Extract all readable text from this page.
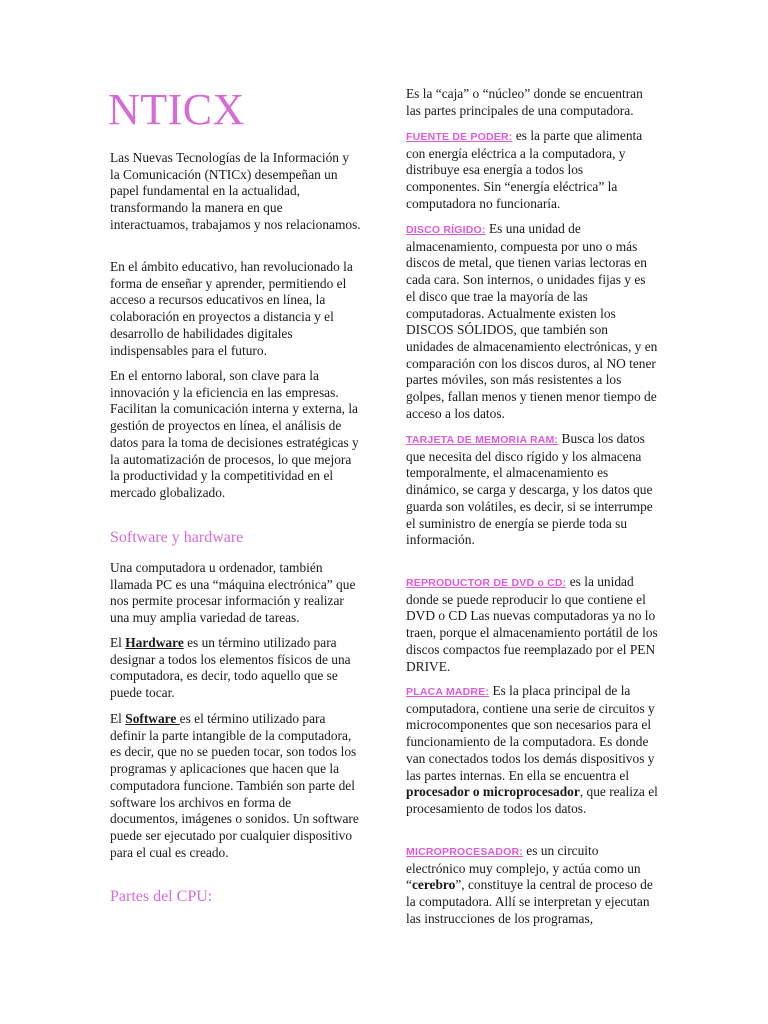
NTICX

Las Nuevas Tecnologías de la Información y la Comunicación (NTICx) desempeñan un papel fundamental en la actualidad, transformando la manera en que interactuamos, trabajamos y nos relacionamos.

En el ámbito educativo, han revolucionado la forma de enseñar y aprender, permitiendo el acceso a recursos educativos en línea, la colaboración en proyectos a distancia y el desarrollo de habilidades digitales indispensables para el futuro.

En el entorno laboral, son clave para la innovación y la eficiencia en las empresas. Facilitan la comunicación interna y externa, la gestión de proyectos en línea, el análisis de datos para la toma de decisiones estratégicas y la automatización de procesos, lo que mejora la productividad y la competitividad en el mercado globalizado.

Software y hardware

Una computadora u ordenador, también llamada PC es una “máquina electrónica” que nos permite procesar información y realizar una muy amplia variedad de tareas.

El Hardware es un término utilizado para designar a todos los elementos físicos de una computadora, es decir, todo aquello que se puede tocar.

El Software es el término utilizado para definir la parte intangible de la computadora, es decir, que no se pueden tocar, son todos los programas y aplicaciones que hacen que la computadora funcione. También son parte del software los archivos en forma de documentos, imágenes o sonidos. Un software puede ser ejecutado por cualquier dispositivo para el cual es creado.

Partes del CPU:

Es la “caja” o “núcleo” donde se encuentran las partes principales de una computadora.

FUENTE DE PODER: es la parte que alimenta con energía eléctrica a la computadora, y distribuye esa energía a todos los componentes. Sin “energía eléctrica” la computadora no funcionaría.

DISCO RÍGIDO: Es una unidad de almacenamiento, compuesta por uno o más discos de metal, que tienen varias lectoras en cada cara. Son internos, o unidades fijas y es el disco que trae la mayoría de las computadoras. Actualmente existen los DISCOS SÓLIDOS, que también son unidades de almacenamiento electrónicas, y en comparación con los discos duros, al NO tener partes móviles, son más resistentes a los golpes, fallan menos y tienen menor tiempo de acceso a los datos.

TARJETA DE MEMORIA RAM: Busca los datos que necesita del disco rígido y los almacena temporalmente, el almacenamiento es dinámico, se carga y descarga, y los datos que guarda son volátiles, es decir, si se interrumpe el suministro de energía se pierde toda su información.

REPRODUCTOR DE DVD o CD: es la unidad donde se puede reproducir lo que contiene el DVD o CD Las nuevas computadoras ya no lo traen, porque el almacenamiento portátil de los discos compactos fue reemplazado por el PEN DRIVE.

PLACA MADRE: Es la placa principal de la computadora, contiene una serie de circuitos y microcomponentes que son necesarios para el funcionamiento de la computadora. Es donde van conectados todos los demás dispositivos y las partes internas. En ella se encuentra el procesador o microprocesador, que realiza el procesamiento de todos los datos.

MICROPROCESADOR: es un circuito electrónico muy complejo, y actúa como un “cerebro”, constituye la central de proceso de la computadora. Allí se interpretan y ejecutan las instrucciones de los programas,
